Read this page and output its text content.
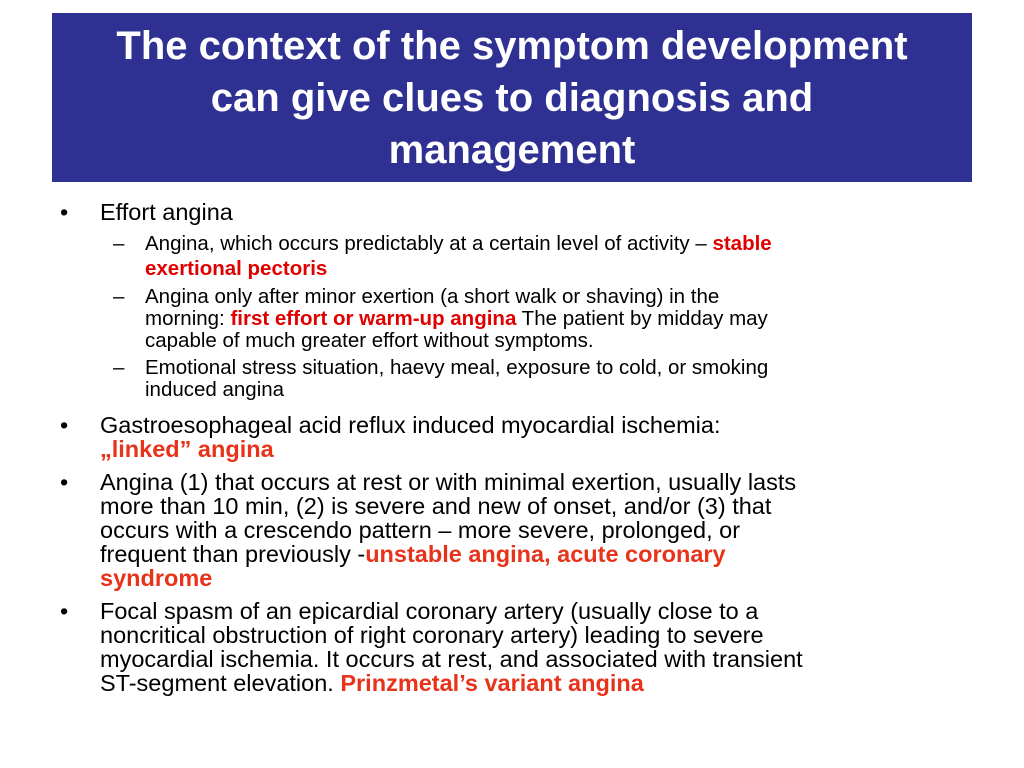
The context of the symptom development
can give clues to diagnosis and
management
•	Effort angina
– Angina, which occurs predictably at a certain level of activity – stable
exertional pectoris
– Angina only after minor exertion (a short walk or shaving) in the
morning: first effort or warm-up angina The patient by midday may
capable of much greater effort without symptoms.
– Emotional stress situation, haevy meal, exposure to cold, or smoking
induced angina
•	Gastroesophageal acid reflux induced myocardial ischemia:
„linked” angina
•	Angina (1) that occurs at rest or with minimal exertion, usually lasts
more than 10 min, (2) is severe and new of onset, and/or (3) that
occurs with a crescendo pattern – more severe, prolonged, or
frequent than previously -unstable angina, acute coronary
syndrome
•	Focal spasm of an epicardial coronary artery (usually close to a
noncritical obstruction of right coronary artery) leading to severe
myocardial ischemia. It occurs at rest, and associated with transient
ST-segment elevation. Prinzmetal’s variant angina
